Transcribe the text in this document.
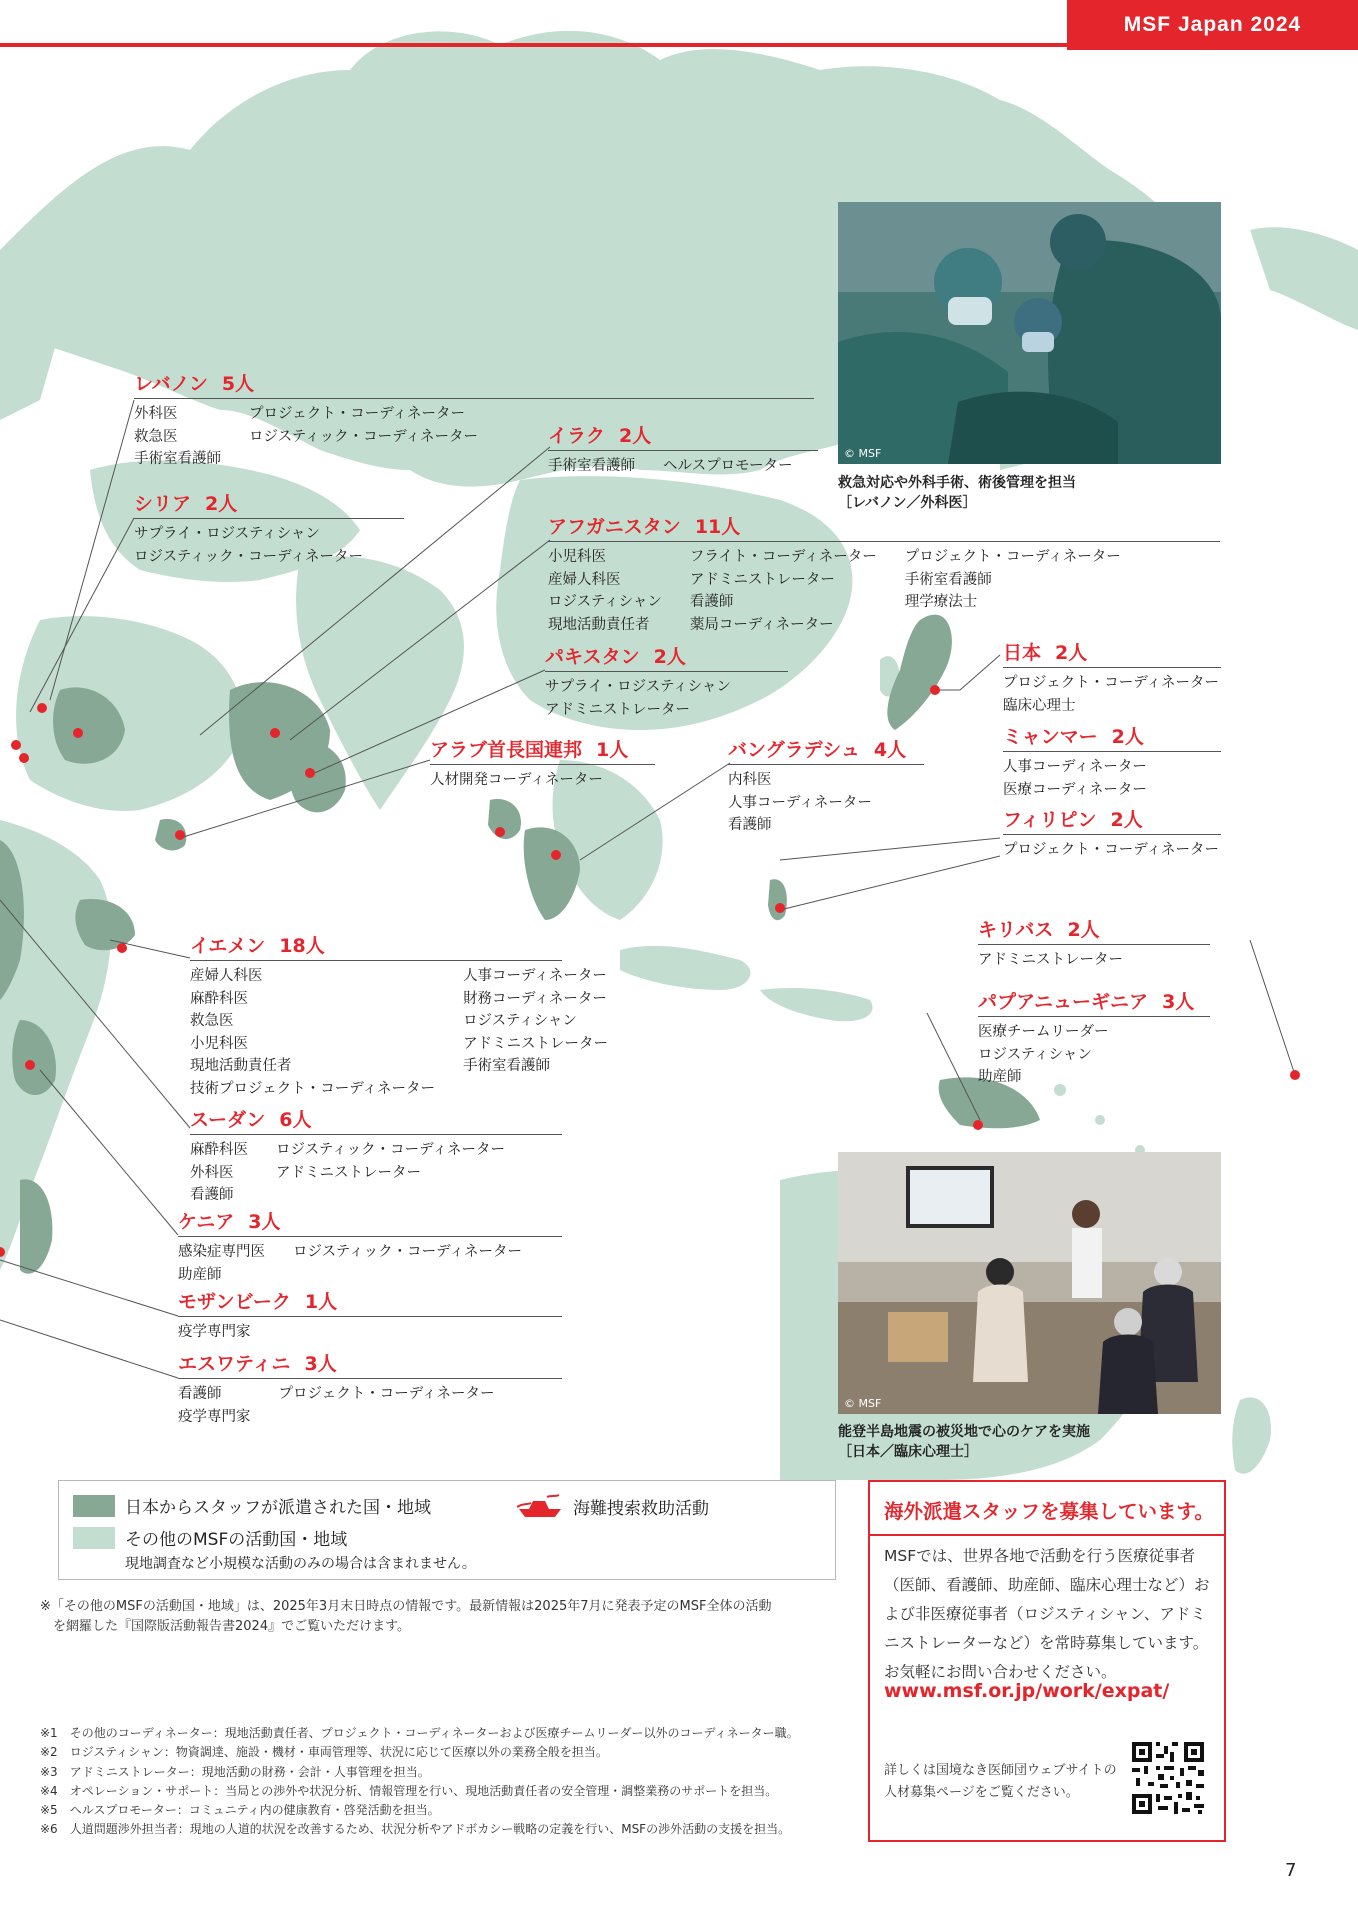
MSF Japan 2024
レバノン 5人
外科医
救急医
手術室看護師
プロジェクト・コーディネーター
ロジスティック・コーディネーター
シリア 2人
サプライ・ロジスティシャン
ロジスティック・コーディネーター
イラク 2人
手術室看護師 ヘルスプロモーター
アフガニスタン 11人
小児科医
産婦人科医
ロジスティシャン
現地活動責任者
フライト・コーディネーター
アドミニストレーター
看護師
薬局コーディネーター
プロジェクト・コーディネーター
手術室看護師
理学療法士
パキスタン 2人
サプライ・ロジスティシャン
アドミニストレーター
日本 2人
プロジェクト・コーディネーター
臨床心理士
アラブ首長国連邦 1人
人材開発コーディネーター
バングラデシュ 4人
内科医
人事コーディネーター
看護師
ミャンマー 2人
人事コーディネーター
医療コーディネーター
フィリピン 2人
プロジェクト・コーディネーター
キリバス 2人
アドミニストレーター
パプアニューギニア 3人
医療チームリーダー
ロジスティシャン
助産師
イエメン 18人
産婦人科医
麻酔科医
救急医
小児科医
現地活動責任者
技術プロジェクト・コーディネーター
人事コーディネーター
財務コーディネーター
ロジスティシャン
アドミニストレーター
手術室看護師
スーダン 6人
麻酔科医
外科医
看護師
ロジスティック・コーディネーター
アドミニストレーター
ケニア 3人
感染症専門医
助産師
ロジスティック・コーディネーター
モザンビーク 1人
疫学専門家
エスワティニ 3人
看護師
疫学専門家
プロジェクト・コーディネーター
© MSF
救急対応や外科手術、術後管理を担当
［レバノン／外科医］
© MSF
能登半島地震の被災地で心のケアを実施
［日本／臨床心理士］
日本からスタッフが派遣された国・地域	海難捜索救助活動
その他のMSFの活動国・地域
現地調査など小規模な活動のみの場合は含まれません。
※「その他のMSFの活動国・地域」は、2025年3月末日時点の情報です。最新情報は2025年7月に発表予定のMSF全体の活動
　を網羅した『国際版活動報告書2024』でご覧いただけます。
海外派遣スタッフを募集しています。
MSFでは、世界各地で活動を行う医療従事者（医師、看護師、助産師、臨床心理士など）および非医療従事者（ロジスティシャン、アドミニストレーターなど）を常時募集しています。お気軽にお問い合わせください。
www.msf.or.jp/work/expat/
詳しくは国境なき医師団ウェブサイトの人材募集ページをご覧ください。
※1　その他のコーディネーター：現地活動責任者、プロジェクト・コーディネーターおよび医療チームリーダー以外のコーディネーター職。
※2　ロジスティシャン：物資調達、施設・機材・車両管理等、状況に応じて医療以外の業務全般を担当。
※3　アドミニストレーター：現地活動の財務・会計・人事管理を担当。
※4　オペレーション・サポート：当局との渉外や状況分析、情報管理を行い、現地活動責任者の安全管理・調整業務のサポートを担当。
※5　ヘルスプロモーター：コミュニティ内の健康教育・啓発活動を担当。
※6　人道問題渉外担当者：現地の人道的状況を改善するため、状況分析やアドボカシー戦略の定義を行い、MSFの渉外活動の支援を担当。
7
